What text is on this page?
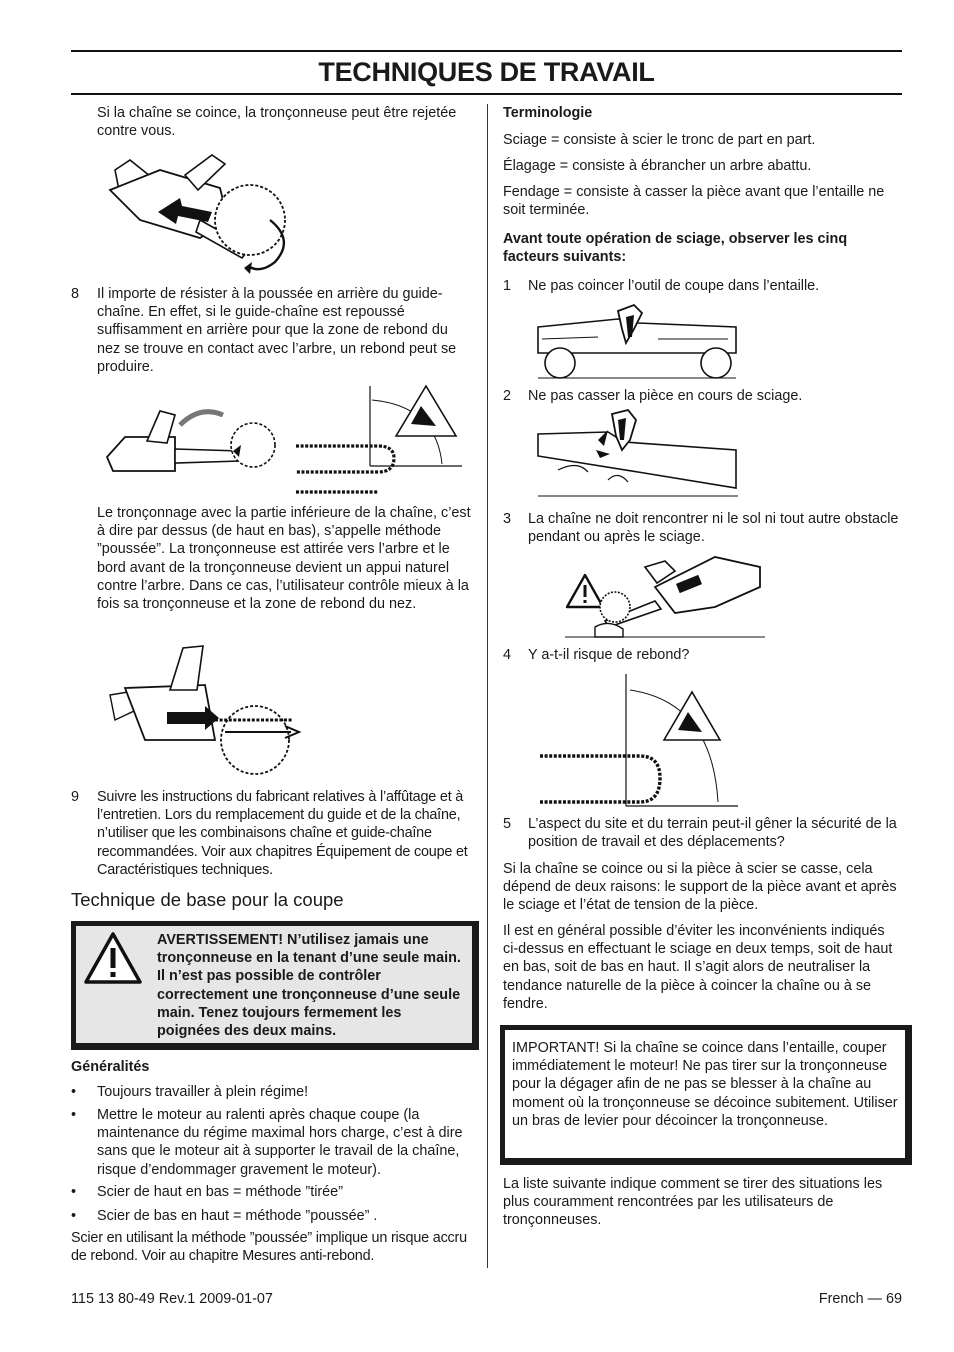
TECHNIQUES DE TRAVAIL

Si la chaîne se coince, la tronçonneuse peut être rejetée contre vous.

8 Il importe de résister à la poussée en arrière du guide-chaîne. En effet, si le guide-chaîne est repoussé suffisamment en arrière pour que la zone de rebond du nez se trouve en contact avec l’arbre, un rebond peut se produire.

Le tronçonnage avec la partie inférieure de la chaîne, c’est à dire par dessus (de haut en bas), s’appelle méthode ”poussée”. La tronçonneuse est attirée vers l’arbre et le bord avant de la tronçonneuse devient un appui naturel contre l’arbre. Dans ce cas, l’utilisateur contrôle mieux à la fois sa tronçonneuse et la zone de rebond du nez.

9 Suivre les instructions du fabricant relatives à l’affûtage et à l’entretien. Lors du remplacement du guide et de la chaîne, n’utiliser que les combinaisons chaîne et guide-chaîne recommandées. Voir aux chapitres Équipement de coupe et Caractéristiques techniques.

Technique de base pour la coupe

AVERTISSEMENT! N’utilisez jamais une tronçonneuse en la tenant d’une seule main. Il n’est pas possible de contrôler correctement une tronçonneuse d’une seule main. Tenez toujours fermement les poignées des deux mains.

Généralités

• Toujours travailler à plein régime!

• Mettre le moteur au ralenti après chaque coupe (la maintenance du régime maximal hors charge, c’est à dire sans que le moteur ait à supporter le travail de la chaîne, risque d’endommager gravement le moteur).

• Scier de haut en bas = méthode ”tirée”

• Scier de bas en haut = méthode ”poussée” .

Scier en utilisant la méthode ”poussée” implique un risque accru de rebond. Voir au chapitre Mesures anti-rebond.

Terminologie

Sciage = consiste à scier le tronc de part en part.

Élagage = consiste à ébrancher un arbre abattu.

Fendage = consiste à casser la pièce avant que l’entaille ne soit terminée.

Avant toute opération de sciage, observer les cinq facteurs suivants:

1 Ne pas coincer l’outil de coupe dans l’entaille.

2 Ne pas casser la pièce en cours de sciage.

3 La chaîne ne doit rencontrer ni le sol ni tout autre obstacle pendant ou après le sciage.

4 Y a-t-il risque de rebond?

5 L’aspect du site et du terrain peut-il gêner la sécurité de la position de travail et des déplacements?

Si la chaîne se coince ou si la pièce à scier se casse, cela dépend de deux raisons: le support de la pièce avant et après le sciage et l’état de tension de la pièce.

Il est en général possible d’éviter les inconvénients indiqués ci-dessus en effectuant le sciage en deux temps, soit de haut en bas, soit de bas en haut. Il s’agit alors de neutraliser la tendance naturelle de la pièce à coincer la chaîne ou à se fendre.

IMPORTANT! Si la chaîne se coince dans l’entaille, couper immédiatement le moteur! Ne pas tirer sur la tronçonneuse pour la dégager afin de ne pas se blesser à la chaîne au moment où la tronçonneuse se décoince subitement. Utiliser un bras de levier pour décoincer la tronçonneuse.

La liste suivante indique comment se tirer des situations les plus couramment rencontrées par les utilisateurs de tronçonneuses.

115 13 80-49 Rev.1 2009-01-07	French — 69
